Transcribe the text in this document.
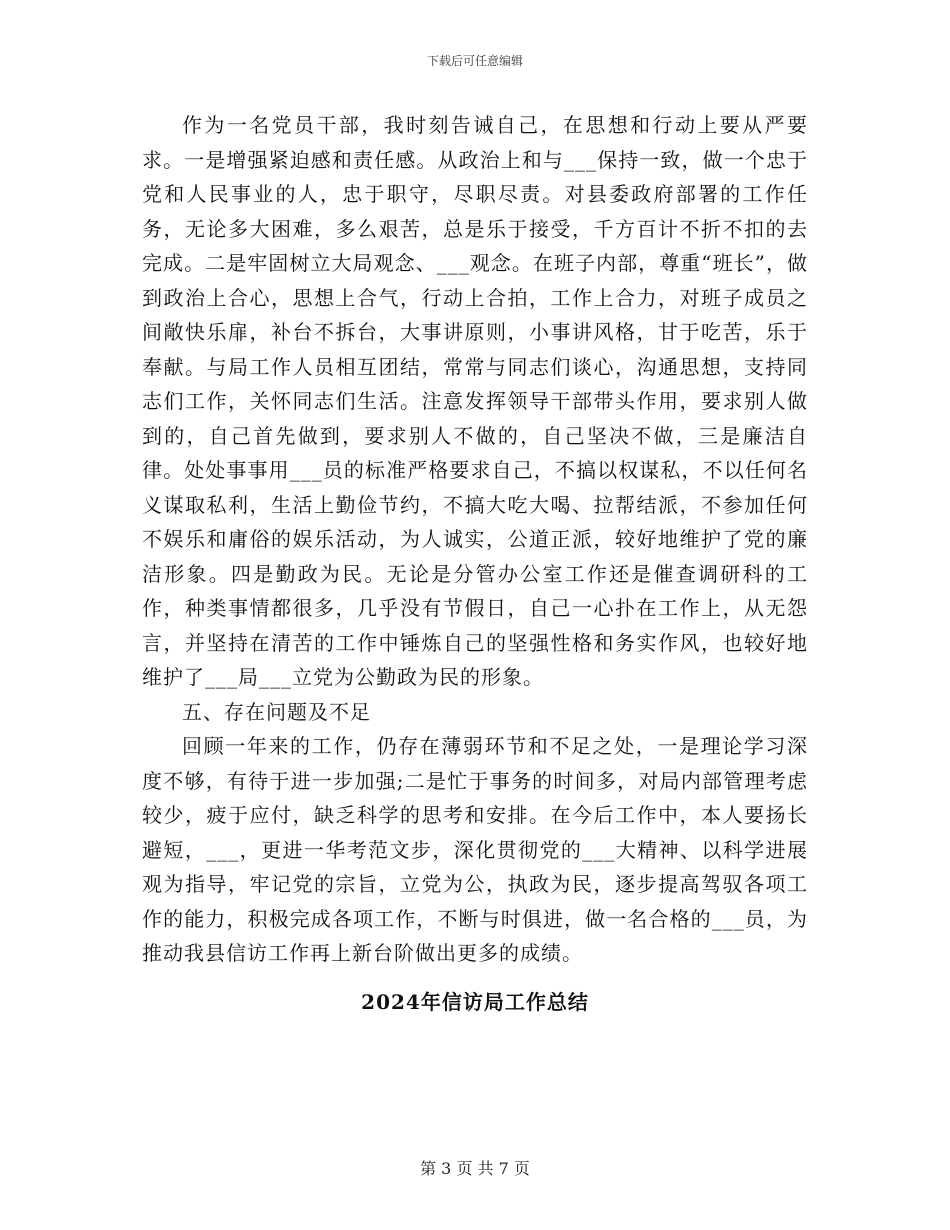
下载后可任意编辑

作为一名党员干部，我时刻告诫自己，在思想和行动上要从严要求。一是增强紧迫感和责任感。从政治上和与___保持一致，做一个忠于党和人民事业的人，忠于职守，尽职尽责。对县委政府部署的工作任务，无论多大困难，多么艰苦，总是乐于接受，千方百计不折不扣的去完成。二是牢固树立大局观念、___观念。在班子内部，尊重“班长”，做到政治上合心，思想上合气，行动上合拍，工作上合力，对班子成员之间敞快乐扉，补台不拆台，大事讲原则，小事讲风格，甘于吃苦，乐于奉献。与局工作人员相互团结，常常与同志们谈心，沟通思想，支持同志们工作，关怀同志们生活。注意发挥领导干部带头作用，要求别人做到的，自己首先做到，要求别人不做的，自己坚决不做，三是廉洁自律。处处事事用___员的标准严格要求自己，不搞以权谋私，不以任何名义谋取私利，生活上勤俭节约，不搞大吃大喝、拉帮结派，不参加任何不娱乐和庸俗的娱乐活动，为人诚实，公道正派，较好地维护了党的廉洁形象。四是勤政为民。无论是分管办公室工作还是催查调研科的工作，种类事情都很多，几乎没有节假日，自己一心扑在工作上，从无怨言，并坚持在清苦的工作中锤炼自己的坚强性格和务实作风，也较好地维护了___局___立党为公勤政为民的形象。

五、存在问题及不足

回顾一年来的工作，仍存在薄弱环节和不足之处，一是理论学习深度不够，有待于进一步加强;二是忙于事务的时间多，对局内部管理考虑较少，疲于应付，缺乏科学的思考和安排。在今后工作中，本人要扬长避短，___，更进一华考范文步，深化贯彻党的___大精神、以科学进展观为指导，牢记党的宗旨，立党为公，执政为民，逐步提高驾驭各项工作的能力，积极完成各项工作，不断与时俱进，做一名合格的___员，为推动我县信访工作再上新台阶做出更多的成绩。

2024年信访局工作总结

第 3 页 共 7 页
